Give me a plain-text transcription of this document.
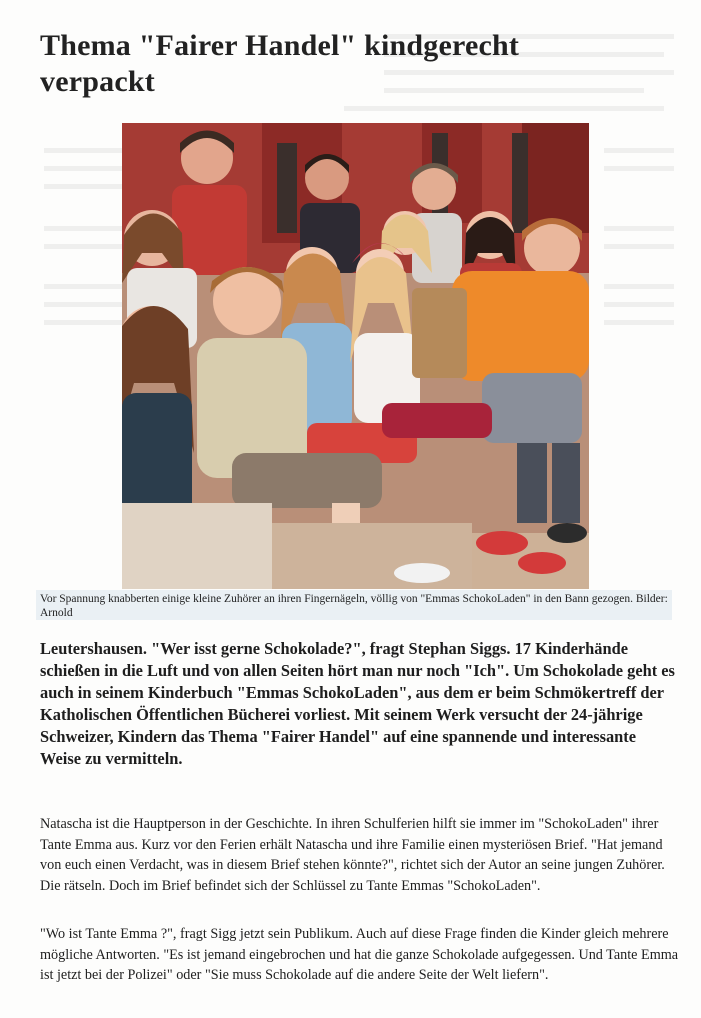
Thema "Fairer Handel" kindgerecht verpackt

Vor Spannung knabberten einige kleine Zuhörer an ihren Fingernägeln, völlig von "Emmas SchokoLaden" in den Bann gezogen. Bilder: Arnold

Leutershausen. "Wer isst gerne Schokolade?", fragt Stephan Siggs. 17 Kinderhände schießen in die Luft und von allen Seiten hört man nur noch "Ich". Um Schokolade geht es auch in seinem Kinderbuch "Emmas SchokoLaden", aus dem er beim Schmökertreff der Katholischen Öffentlichen Bücherei vorliest. Mit seinem Werk versucht der 24-jährige Schweizer, Kindern das Thema "Fairer Handel" auf eine spannende und interessante Weise zu vermitteln.

Natascha ist die Hauptperson in der Geschichte. In ihren Schulferien hilft sie immer im "SchokoLaden" ihrer Tante Emma aus. Kurz vor den Ferien erhält Natascha und ihre Familie einen mysteriösen Brief. "Hat jemand von euch einen Verdacht, was in diesem Brief stehen könnte?", richtet sich der Autor an seine jungen Zuhörer. Die rätseln. Doch im Brief befindet sich der Schlüssel zu Tante Emmas "SchokoLaden".

"Wo ist Tante Emma ?", fragt Sigg jetzt sein Publikum. Auch auf diese Frage finden die Kinder gleich mehrere mögliche Antworten. "Es ist jemand eingebrochen und hat die ganze Schokolade aufgegessen. Und Tante Emma ist jetzt bei der Polizei" oder "Sie muss Schokolade auf die andere Seite der Welt liefern".
